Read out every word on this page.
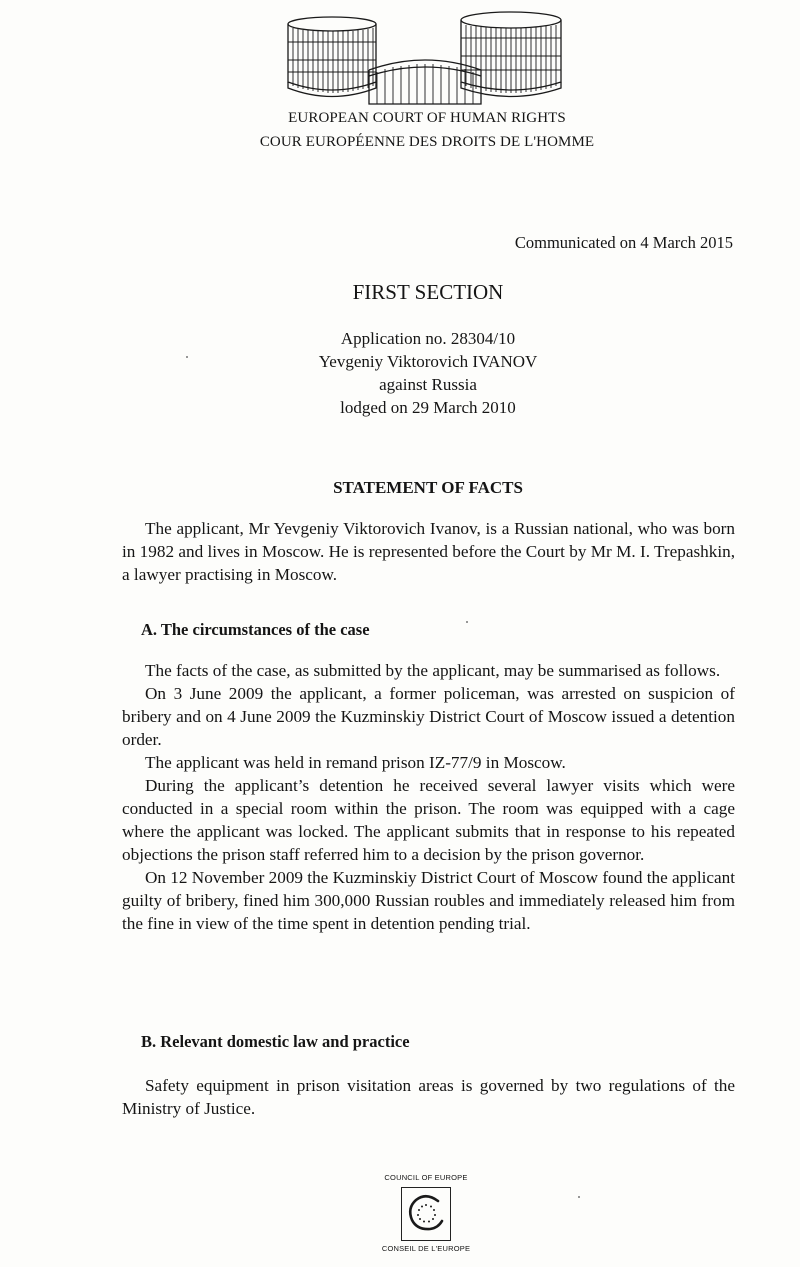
EUROPEAN COURT OF HUMAN RIGHTS
COUR EUROPÉENNE DES DROITS DE L'HOMME
Communicated on 4 March 2015
FIRST SECTION
Application no. 28304/10
Yevgeniy Viktorovich IVANOV
against Russia
lodged on 29 March 2010
STATEMENT OF FACTS

The applicant, Mr Yevgeniy Viktorovich Ivanov, is a Russian national, who was born in 1982 and lives in Moscow. He is represented before the Court by Mr M. I. Trepashkin, a lawyer practising in Moscow.

A. The circumstances of the case

The facts of the case, as submitted by the applicant, may be summarised as follows.

On 3 June 2009 the applicant, a former policeman, was arrested on suspicion of bribery and on 4 June 2009 the Kuzminskiy District Court of Moscow issued a detention order.

The applicant was held in remand prison IZ-77/9 in Moscow.

During the applicant’s detention he received several lawyer visits which were conducted in a special room within the prison. The room was equipped with a cage where the applicant was locked. The applicant submits that in response to his repeated objections the prison staff referred him to a decision by the prison governor.

On 12 November 2009 the Kuzminskiy District Court of Moscow found the applicant guilty of bribery, fined him 300,000 Russian roubles and immediately released him from the fine in view of the time spent in detention pending trial.

B. Relevant domestic law and practice

Safety equipment in prison visitation areas is governed by two regulations of the Ministry of Justice.

COUNCIL OF EUROPE
CONSEIL DE L'EUROPE
